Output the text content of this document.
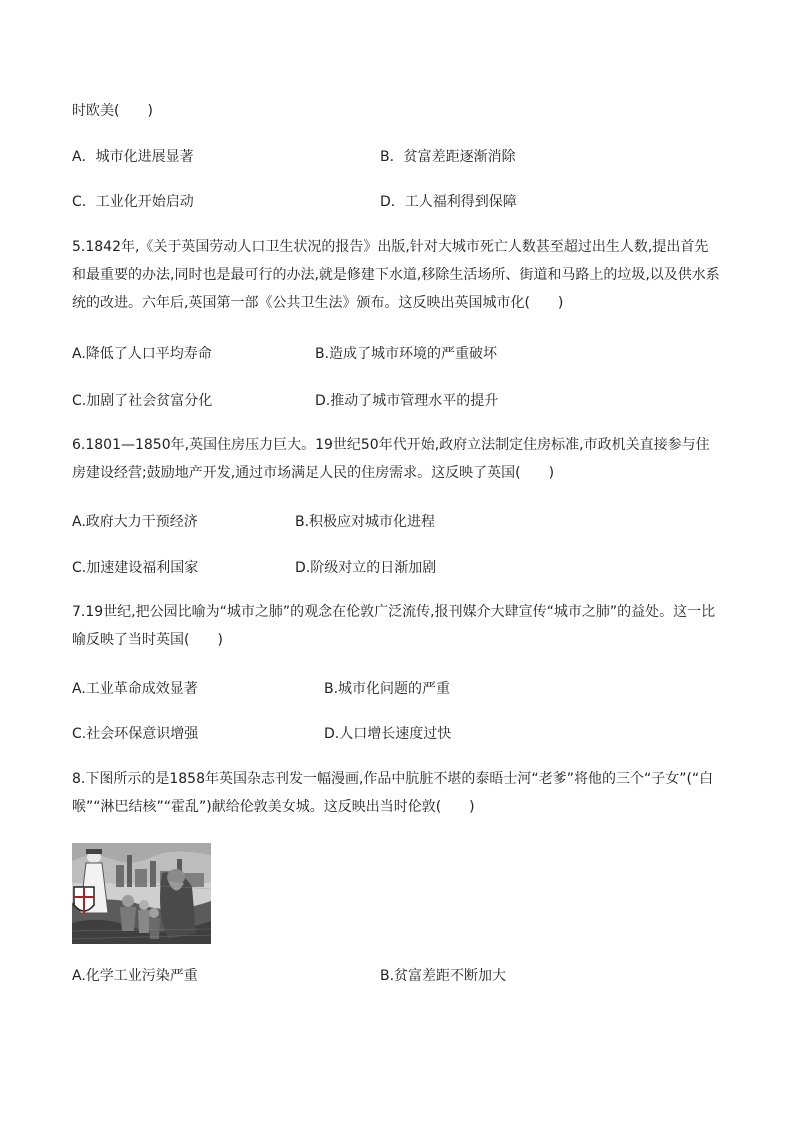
时欧美(　　)
A．城市化进展显著	B．贫富差距逐渐消除
C．工业化开始启动	D．工人福利得到保障
5.1842年,《关于英国劳动人口卫生状况的报告》出版,针对大城市死亡人数甚至超过出生人数,提出首先和最重要的办法,同时也是最可行的办法,就是修建下水道,移除生活场所、街道和马路上的垃圾,以及供水系统的改进。六年后,英国第一部《公共卫生法》颁布。这反映出英国城市化(　　)
A.降低了人口平均寿命	B.造成了城市环境的严重破坏
C.加剧了社会贫富分化	D.推动了城市管理水平的提升
6.1801—1850年,英国住房压力巨大。19世纪50年代开始,政府立法制定住房标准,市政机关直接参与住房建设经营;鼓励地产开发,通过市场满足人民的住房需求。这反映了英国(　　)
A.政府大力干预经济	B.积极应对城市化进程
C.加速建设福利国家	D.阶级对立的日渐加剧
7.19世纪,把公园比喻为“城市之肺”的观念在伦敦广泛流传,报刊媒介大肆宣传“城市之肺”的益处。这一比喻反映了当时英国(　　)
A.工业革命成效显著	B.城市化问题的严重
C.社会环保意识增强	D.人口增长速度过快
8.下图所示的是1858年英国杂志刊发一幅漫画,作品中肮脏不堪的泰晤士河“老爹”将他的三个“子女”(“白喉”“淋巴结核”“霍乱”)献给伦敦美女城。这反映出当时伦敦(　　)
A.化学工业污染严重	B.贫富差距不断加大
